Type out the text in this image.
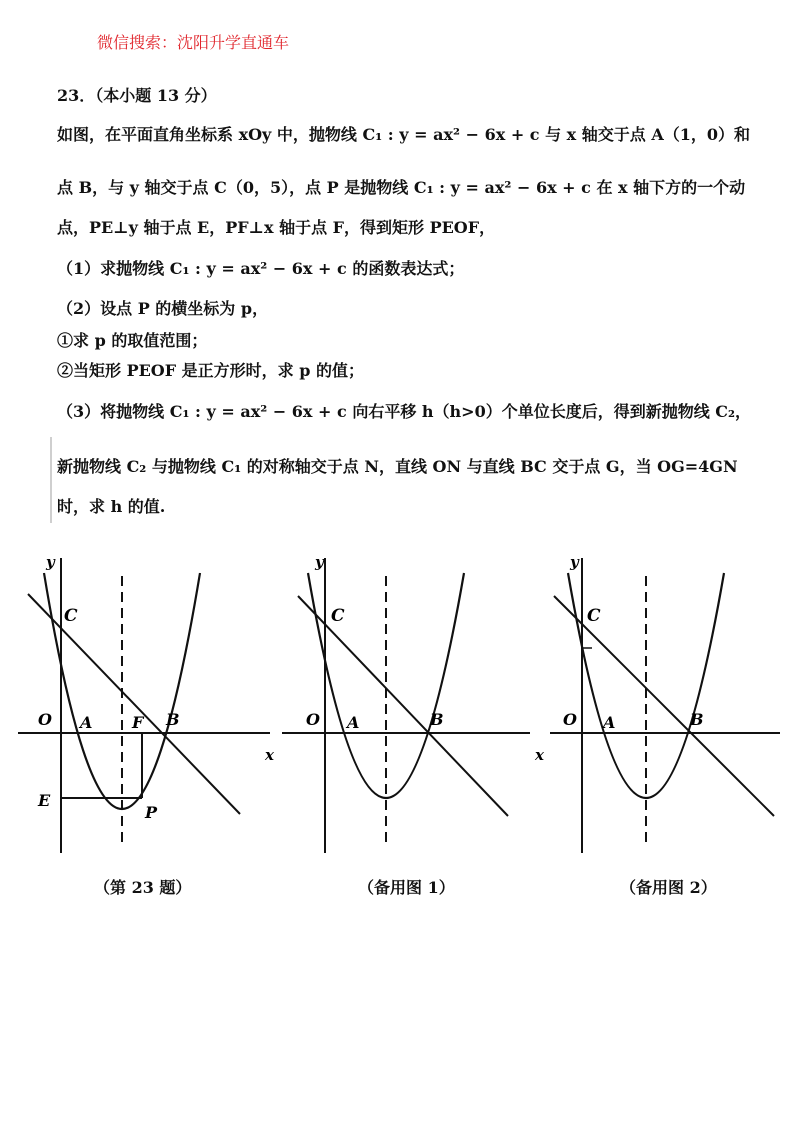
微信搜索：沈阳升学直通车
23．（本小题 13 分）
如图，在平面直角坐标系 xOy 中，抛物线 C₁ : y = ax² − 6x + c 与 x 轴交于点 A（1，0）和
点 B，与 y 轴交于点 C（0，5），点 P 是抛物线 C₁ : y = ax² − 6x + c 在 x 轴下方的一个动
点，PE⊥y 轴于点 E，PF⊥x 轴于点 F，得到矩形 PEOF，
（1）求抛物线 C₁ : y = ax² − 6x + c 的函数表达式；
（2）设点 P 的横坐标为 p，
①求 p 的取值范围；
②当矩形 PEOF 是正方形时，求 p 的值；
（3）将抛物线 C₁ : y = ax² − 6x + c 向右平移 h（h>0）个单位长度后，得到新抛物线 C₂，
新抛物线 C₂ 与抛物线 C₁ 的对称轴交于点 N，直线 ON 与直线 BC 交于点 G，当 OG=4GN
时，求 h 的值.
y
C
O A F B
E
P
（第 23 题）
y
x
C
O A	B
（备用图 1）
y
x
C
O A	B
（备用图 2）
